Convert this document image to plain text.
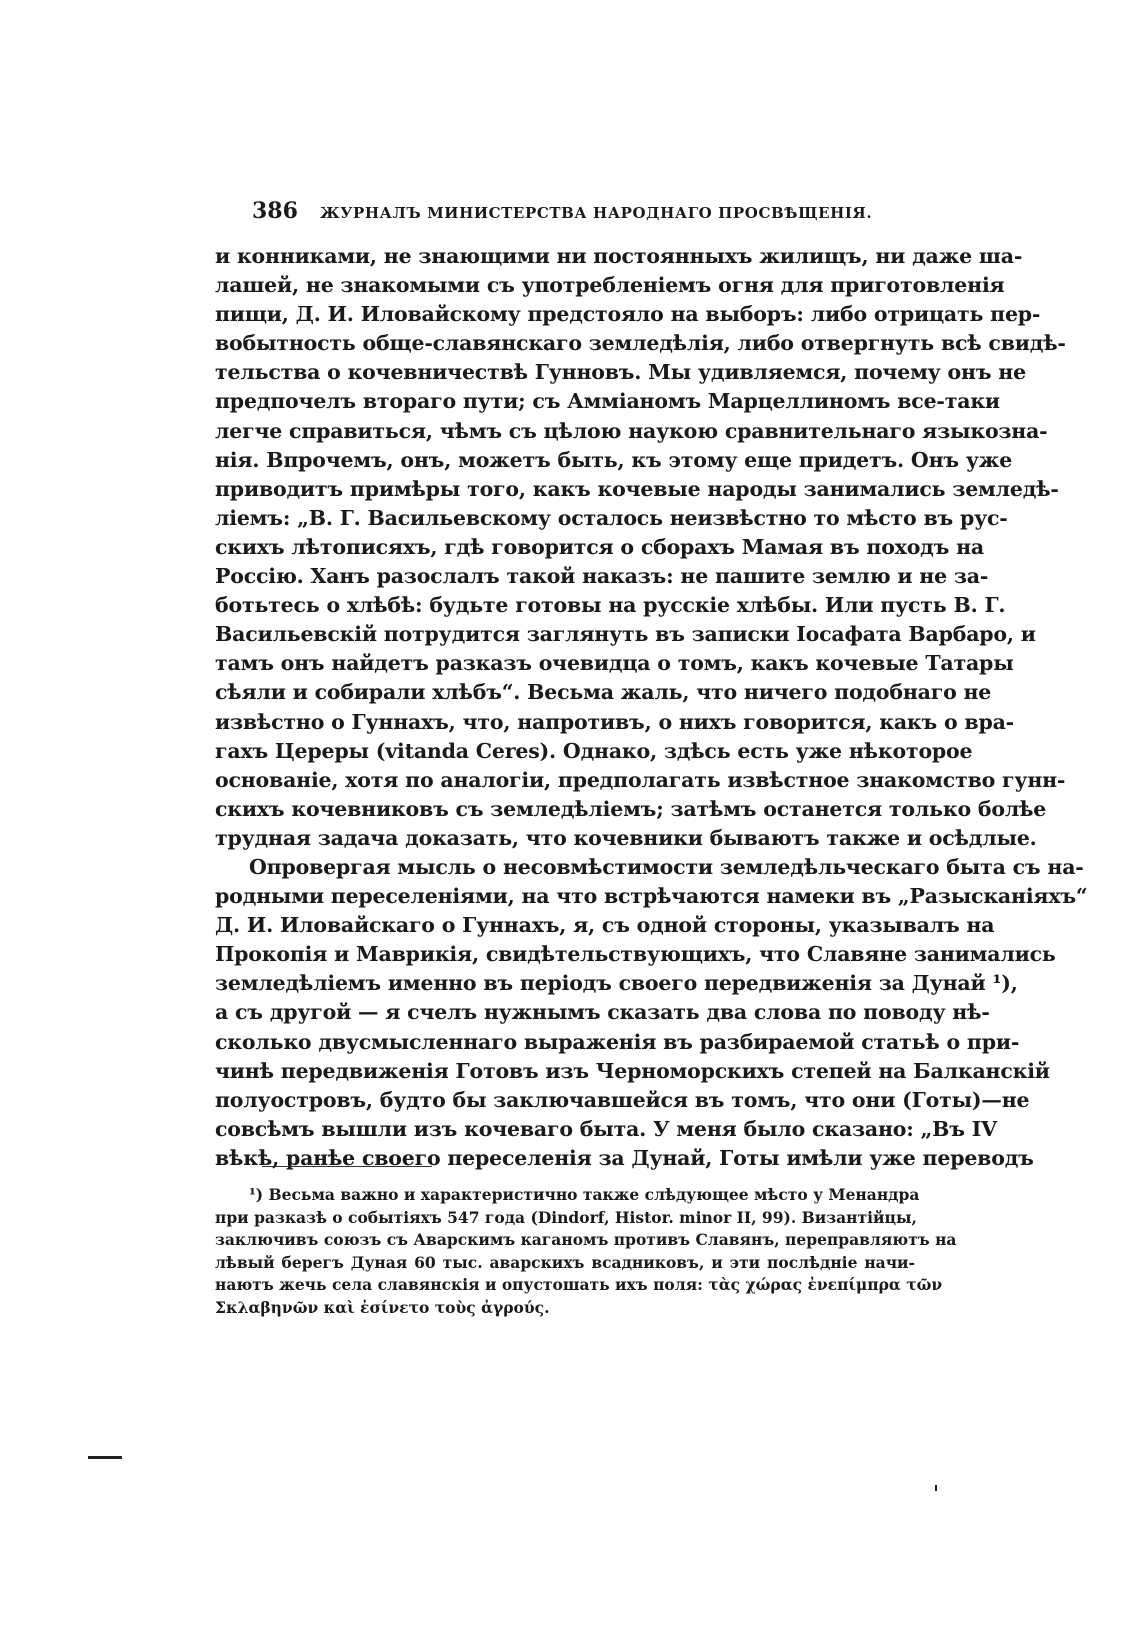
386 ЖУРНАЛЪ МИНИСТЕРСТВА НАРОДНАГО ПРОСВѢЩЕНІЯ.
и конниками, не знающими ни постоянныхъ жилищъ, ни даже ша-
лашей, не знакомыми съ употребленіемъ огня для приготовленія
пищи, Д. И. Иловайскому предстояло на выборъ: либо отрицать пер-
вобытность обще-славянскаго земледѣлія, либо отвергнуть всѣ свидѣ-
тельства о кочевничествѣ Гунновъ. Мы удивляемся, почему онъ не
предпочелъ втораго пути; съ Аммiаномъ Марцеллиномъ все-таки
легче справиться, чѣмъ съ цѣлою наукою сравнительнаго языкозна-
нія. Впрочемъ, онъ, можетъ быть, къ этому еще придетъ. Онъ уже
приводитъ примѣры того, какъ кочевые народы занимались земледѣ-
ліемъ: „В. Г. Васильевскому осталось неизвѣстно то мѣсто въ рус-
скихъ лѣтописяхъ, гдѣ говорится о сборахъ Мамая въ походъ на
Россію. Ханъ разослалъ такой наказъ: не пашите землю и не за-
ботьтесь о хлѣбѣ: будьте готовы на русскіе хлѣбы. Или пусть В. Г.
Васильевскій потрудится заглянуть въ записки Іосафата Варбаро, и
тамъ онъ найдетъ разказъ очевидца о томъ, какъ кочевые Татары
сѣяли и собирали хлѣбъ“. Весьма жаль, что ничего подобнаго не
извѣстно о Гуннахъ, что, напротивъ, о нихъ говорится, какъ о вра-
гахъ Цереры (vitanda Ceres). Однако, здѣсь есть уже нѣкоторое
основаніе, хотя по аналогіи, предполагать извѣстное знакомство гунн-
скихъ кочевниковъ съ земледѣліемъ; затѣмъ останется только болѣе
трудная задача доказать, что кочевники бываютъ также и осѣдлые.
Опровергая мысль о несовмѣстимости земледѣльческаго быта съ на-
родными переселеніями, на что встрѣчаются намеки въ „Разысканіяхъ“
Д. И. Иловайскаго о Гуннахъ, я, съ одной стороны, указывалъ на
Прокопія и Маврикія, свидѣтельствующихъ, что Славяне занимались
земледѣліемъ именно въ періодъ своего передвиженія за Дунай ¹),
а съ другой — я счелъ нужнымъ сказать два слова по поводу нѣ-
сколько двусмысленнаго выраженія въ разбираемой статьѣ о при-
чинѣ передвиженія Готовъ изъ Черноморскихъ степей на Балканскій
полуостровъ, будто бы заключавшейся въ томъ, что они (Готы)—не
совсѣмъ вышли изъ кочеваго быта. У меня было сказано: „Въ IV
вѣкѣ, ранѣе своего переселенія за Дунай, Готы имѣли уже переводъ
¹) Весьма важно и характеристично также слѣдующее мѣсто у Менандра
при разказѣ о событіяхъ 547 года (Dindorf, Histor. minor II, 99). Византійцы,
заключивъ союзъ съ Аварскимъ каганомъ противъ Славянъ, переправляютъ на
лѣвый берегъ Дуная 60 тыс. аварскихъ всадниковъ, и эти послѣдніе начи-
наютъ жечь села славянскія и опустошать ихъ поля: τὰς χώρας ἐνεπίμπρα τῶν
Σκλαβηνῶν καὶ ἐσίνετο τοὺς ἀγρούς.
